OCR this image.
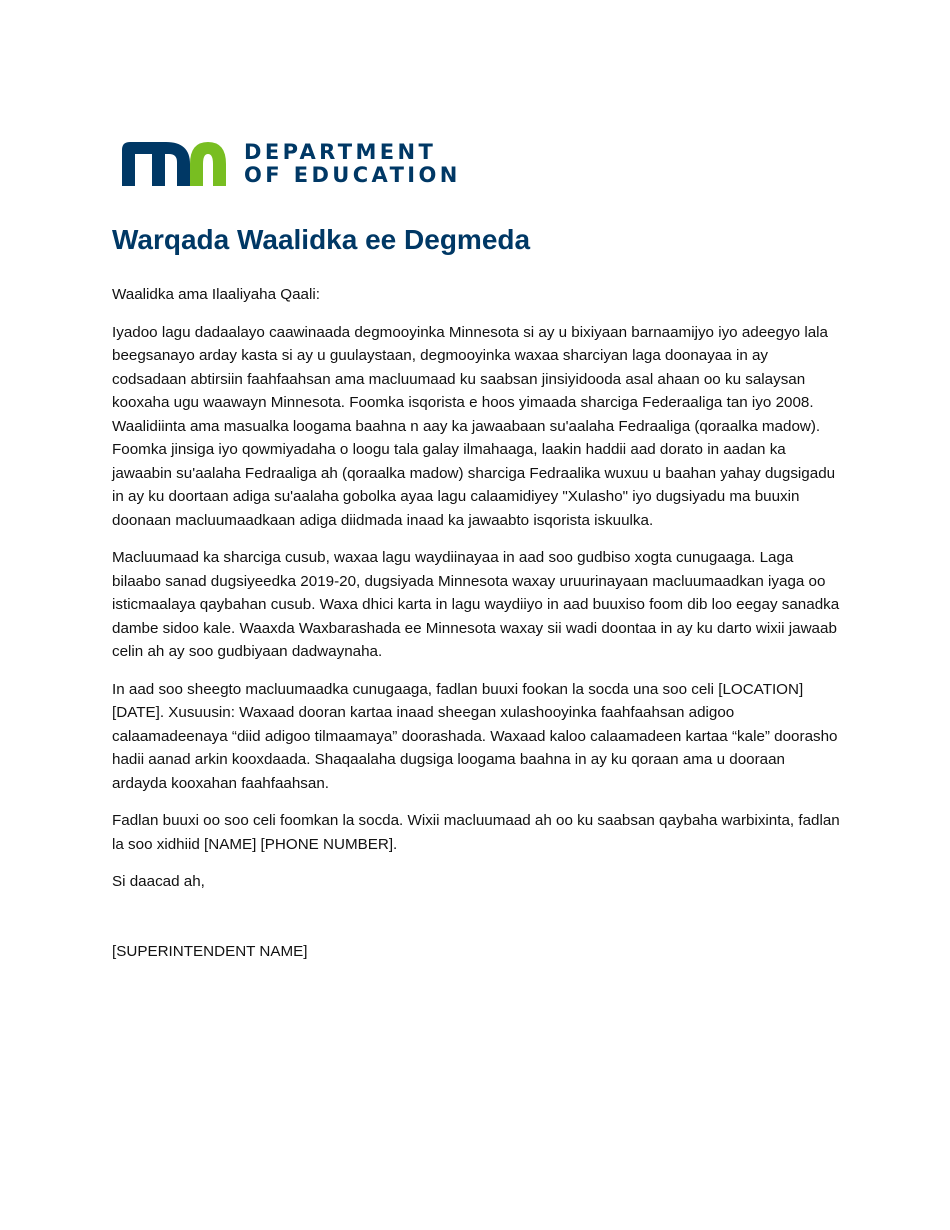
DEPARTMENT
OF EDUCATION
Warqada Waalidka ee Degmeda

Waalidka ama Ilaaliyaha Qaali:

Iyadoo lagu dadaalayo caawinaada degmooyinka Minnesota si ay u bixiyaan barnaamijyo iyo adeegyo lala beegsanayo arday kasta si ay u guulaystaan, degmooyinka waxaa sharciyan laga doonayaa in ay codsadaan abtirsiin faahfaahsan ama macluumaad ku saabsan jinsiyidooda asal ahaan oo ku salaysan kooxaha ugu waawayn Minnesota. Foomka isqorista e hoos yimaada sharciga Federaaliga tan iyo 2008. Waalidiinta ama masualka loogama baahna n aay ka jawaabaan su'aalaha Fedraaliga (qoraalka madow). Foomka jinsiga iyo qowmiyadaha o loogu tala galay ilmahaaga, laakin haddii aad dorato in aadan ka jawaabin su'aalaha Fedraaliga ah (qoraalka madow) sharciga Fedraalika wuxuu u baahan yahay dugsigadu in ay ku doortaan adiga su'aalaha gobolka ayaa lagu calaamidiyey "Xulasho" iyo dugsiyadu ma buuxin doonaan macluumaadkaan adiga diidmada inaad ka jawaabto isqorista iskuulka.

Macluumaad ka sharciga cusub, waxaa lagu waydiinayaa in aad soo gudbiso xogta cunugaaga. Laga bilaabo sanad dugsiyeedka 2019-20, dugsiyada Minnesota waxay uruurinayaan macluumaadkan iyaga oo isticmaalaya qaybahan cusub. Waxa dhici karta in lagu waydiiyo in aad buuxiso foom dib loo eegay sanadka dambe sidoo kale. Waaxda Waxbarashada ee Minnesota waxay sii wadi doontaa in ay ku darto wixii jawaab celin ah ay soo gudbiyaan dadwaynaha.

In aad soo sheegto macluumaadka cunugaaga, fadlan buuxi fookan la socda una soo celi [LOCATION] [DATE]. Xusuusin: Waxaad dooran kartaa inaad sheegan xulashooyinka faahfaahsan adigoo calaamadeenaya “diid adigoo tilmaamaya” doorashada. Waxaad kaloo calaamadeen kartaa “kale” doorasho hadii aanad arkin kooxdaada. Shaqaalaha dugsiga loogama baahna in ay ku qoraan ama u dooraan ardayda kooxahan faahfaahsan.

Fadlan buuxi oo soo celi foomkan la socda. Wixii macluumaad ah oo ku saabsan qaybaha warbixinta, fadlan la soo xidhiid [NAME] [PHONE NUMBER].

Si daacad ah,

[SUPERINTENDENT NAME]
